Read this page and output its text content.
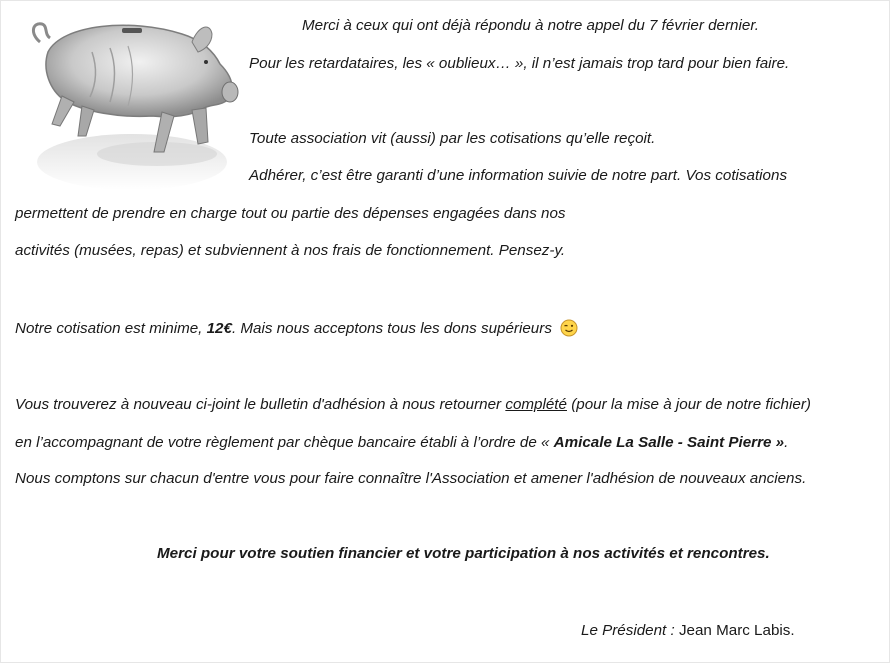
Merci à ceux qui ont déjà répondu à notre appel du 7 février dernier.
Pour les retardataires, les « oublieux… », il n’est jamais trop tard pour bien faire.
Toute association vit (aussi) par les cotisations qu’elle reçoit.
Adhérer, c’est être garanti d’une information suivie de notre part. Vos cotisations
permettent de prendre en charge tout ou partie des dépenses engagées dans nos
activités (musées, repas) et subviennent à nos frais de fonctionnement. Pensez-y.
Notre cotisation est minime, 12€. Mais nous acceptons tous les dons supérieurs
Vous trouverez à nouveau ci-joint le bulletin d'adhésion à nous retourner complété (pour la mise à jour de notre fichier)
en l’accompagnant de votre règlement par chèque bancaire établi à l’ordre de « Amicale La Salle - Saint Pierre ».
Nous comptons sur chacun d'entre vous pour faire connaître l'Association et amener l'adhésion de nouveaux anciens.
Merci pour votre soutien financier et votre participation à nos activités et rencontres.
Le Président : Jean Marc Labis.
